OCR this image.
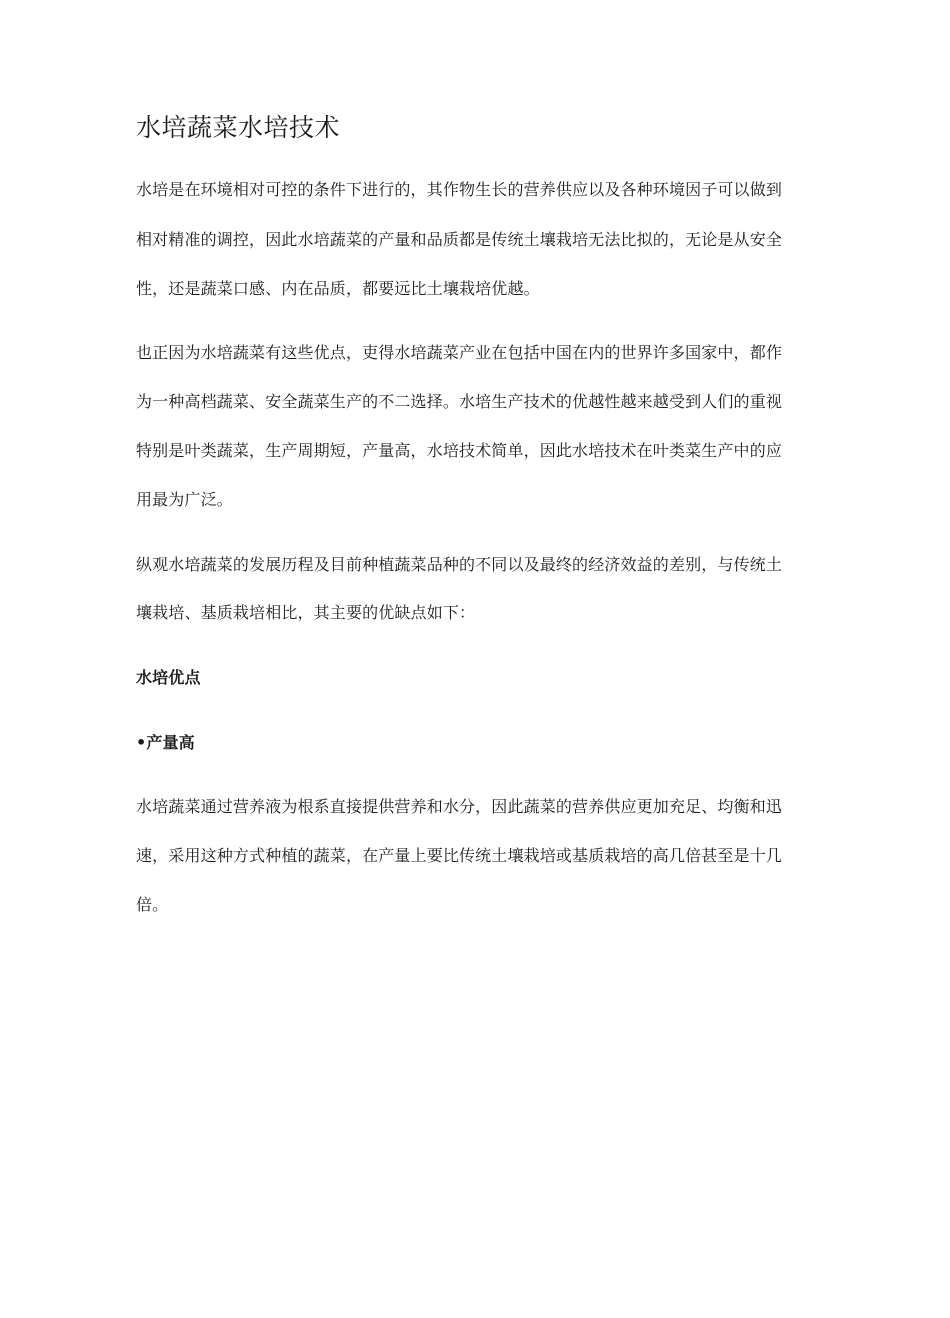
水培蔬菜水培技术
水培是在环境相对可控的条件下进行的，其作物生长的营养供应以及各种环境因子可以做到
相对精准的调控，因此水培蔬菜的产量和品质都是传统土壤栽培无法比拟的，无论是从安全
性，还是蔬菜口感、内在品质，都要远比土壤栽培优越。
也正因为水培蔬菜有这些优点，吏得水培蔬菜产业在包括中国在内的世界许多国家中，都作
为一种高档蔬菜、安全蔬菜生产的不二选择。水培生产技术的优越性越来越受到人们的重视
特别是叶类蔬菜，生产周期短，产量高，水培技术简单，因此水培技术在叶类菜生产中的应
用最为广泛。
纵观水培蔬菜的发展历程及目前种植蔬菜品种的不同以及最终的经济效益的差别，与传统土
壤栽培、基质栽培相比，其主要的优缺点如下：
水培优点
•产量高
水培蔬菜通过营养液为根系直接提供营养和水分，因此蔬菜的营养供应更加充足、均衡和迅
速，采用这种方式种植的蔬菜，在产量上要比传统土壤栽培或基质栽培的高几倍甚至是十几
倍。
